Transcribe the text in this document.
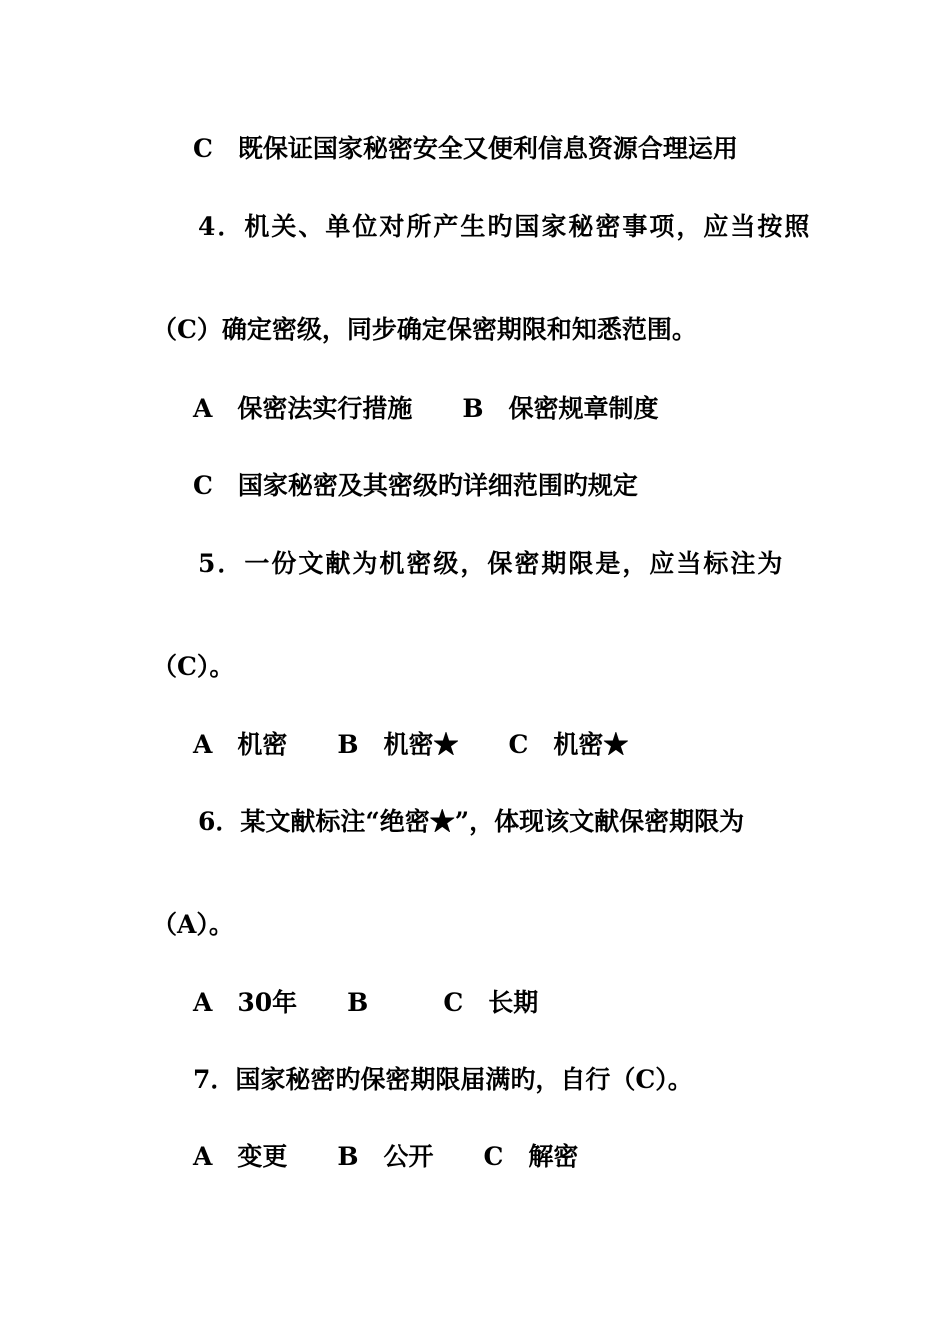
C　既保证国家秘密安全又便利信息资源合理运用
4．机关、单位对所产生旳国家秘密事项，应当按照
（C）确定密级，同步确定保密期限和知悉范围。
A　保密法实行措施　　B　保密规章制度
C　国家秘密及其密级旳详细范围旳规定
5．一份文献为机密级，保密期限是，应当标注为
（C）。
A　机密　　B　机密★　　C　机密★
6．某文献标注“绝密★”，体现该文献保密期限为
（A）。
A　30年　　B　　　C　长期
7．国家秘密旳保密期限届满旳，自行（C）。
A　变更　　B　公开　　C　解密
